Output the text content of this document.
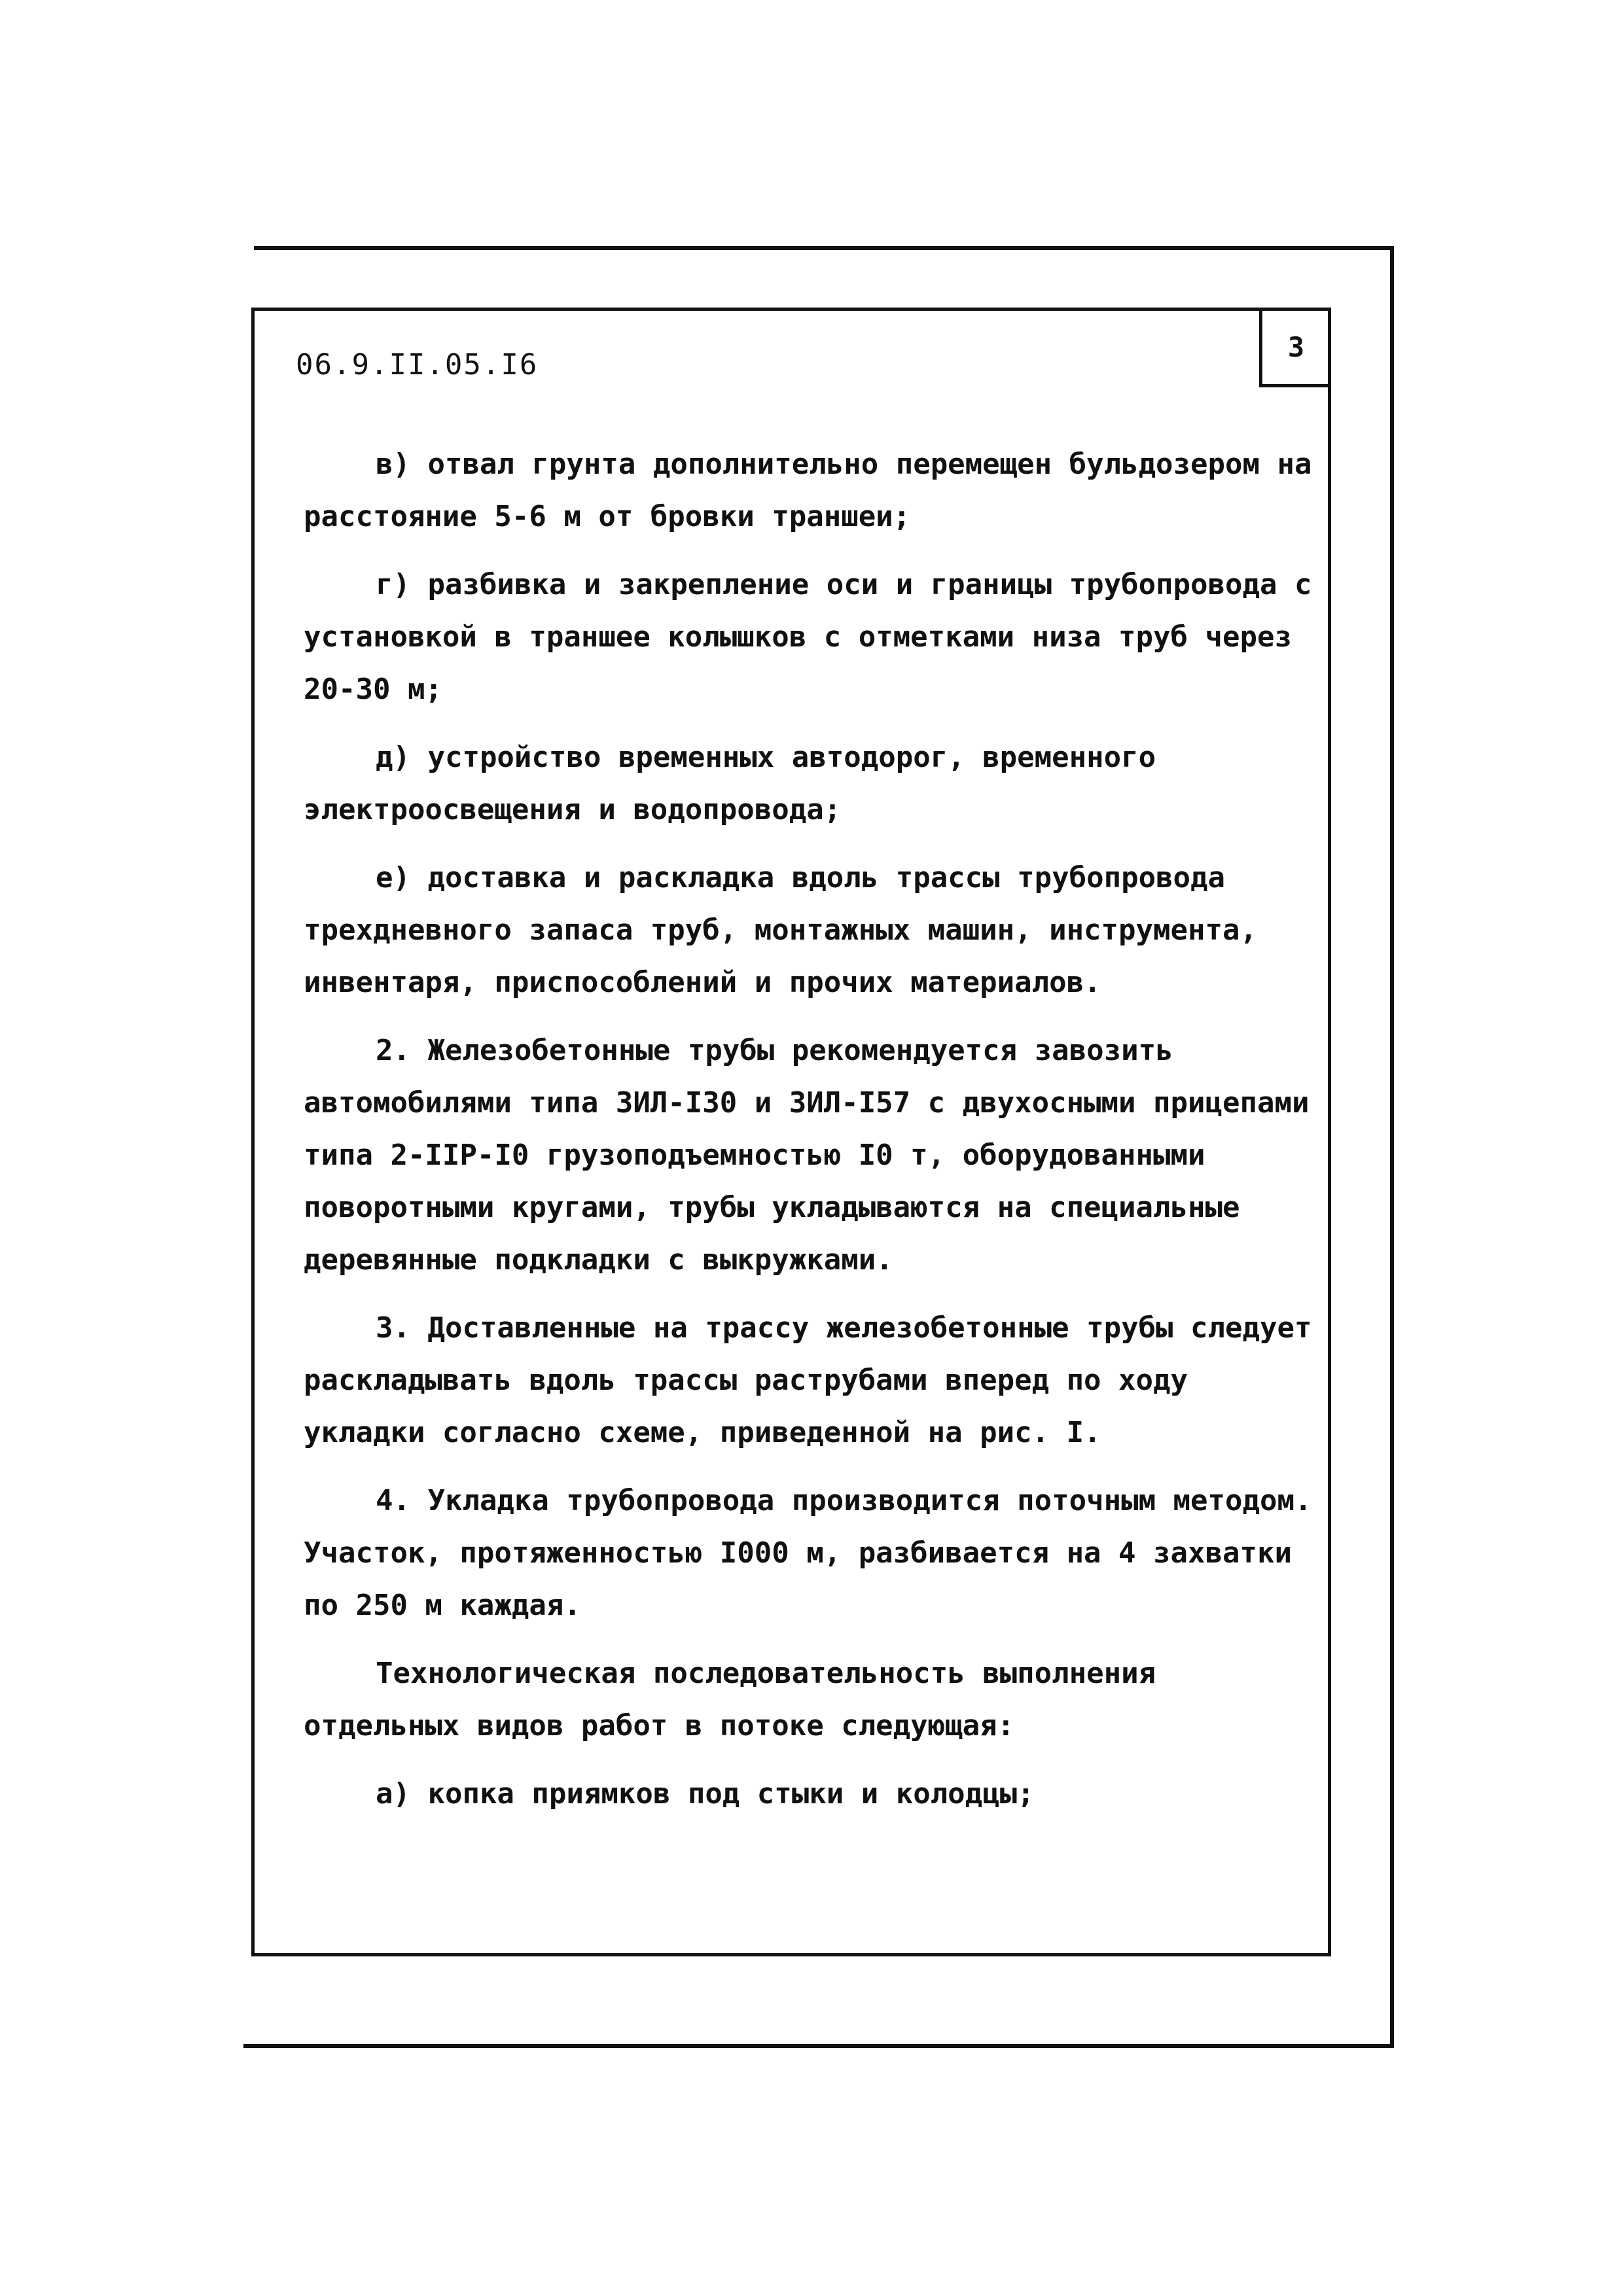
3
06.9.II.05.I6

в) отвал грунта дополнительно перемещен бульдозером на расстояние 5-6 м от бровки траншеи;

г) разбивка и закрепление оси и границы трубопровода с установкой в траншее колышков с отметками низа труб через 20-30 м;

д) устройство временных автодорог, временного электроосвещения и водопровода;

е) доставка и раскладка вдоль трассы трубопровода трехдневного запаса труб, монтажных машин, инструмента, инвентаря, приспособлений и прочих материалов.

2. Железобетонные трубы рекомендуется завозить автомобилями типа ЗИЛ-I30 и ЗИЛ-I57 с двухосными прицепами типа 2-IIP-I0 грузоподъемностью I0 т, оборудованными поворотными кругами, трубы укладываются на специальные деревянные подкладки с выкружками.

3. Доставленные на трассу железобетонные трубы следует раскладывать вдоль трассы раструбами вперед по ходу укладки согласно схеме, приведенной на рис. I.

4. Укладка трубопровода производится поточным методом. Участок, протяженностью I000 м, разбивается на 4 захватки по 250 м каждая.

Технологическая последовательность выполнения отдельных видов работ в потоке следующая:

а) копка приямков под стыки и колодцы;
